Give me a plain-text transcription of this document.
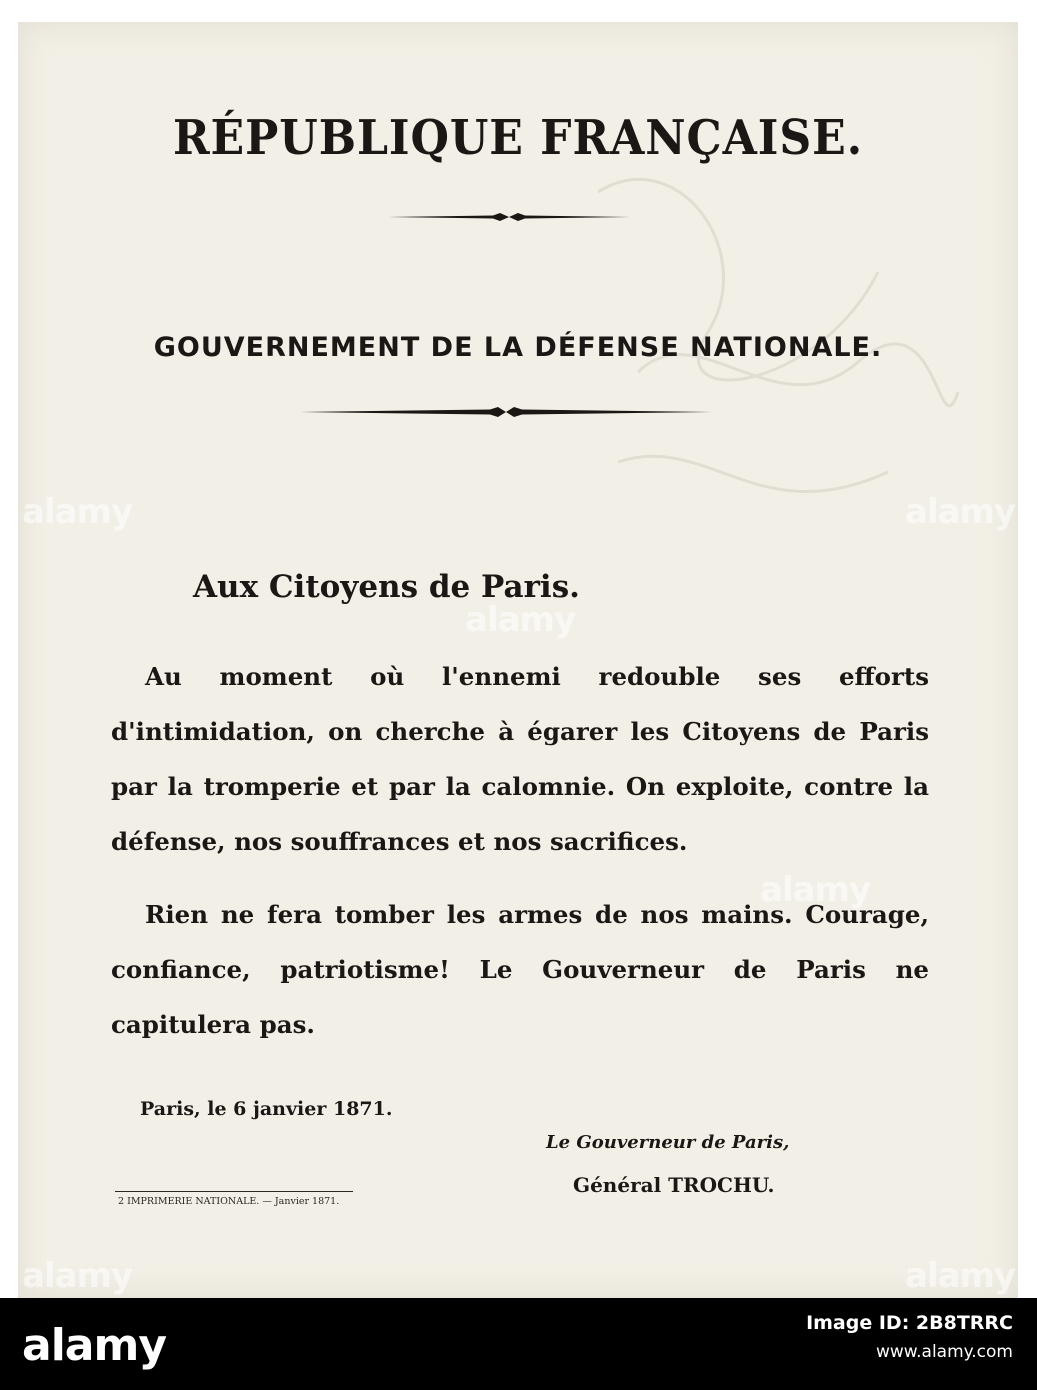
RÉPUBLIQUE FRANÇAISE.
GOUVERNEMENT DE LA DÉFENSE NATIONALE.
Aux Citoyens de Paris.

Au moment où l'ennemi redouble ses efforts d'intimidation, on cherche à égarer les Citoyens de Paris par la tromperie et par la calomnie. On exploite, contre la défense, nos souffrances et nos sacrifices.

Rien ne fera tomber les armes de nos mains. Courage, confiance, patriotisme! Le Gouverneur de Paris ne capitulera pas.

Paris, le 6 janvier 1871.

Le Gouverneur de Paris,

Général TROCHU.

2 IMPRIMERIE NATIONALE. — Janvier 1871.

alamy
alamy
alamy
alamy
alamy
alamy

alamy	Image ID: 2B8TRRC

www.alamy.com
